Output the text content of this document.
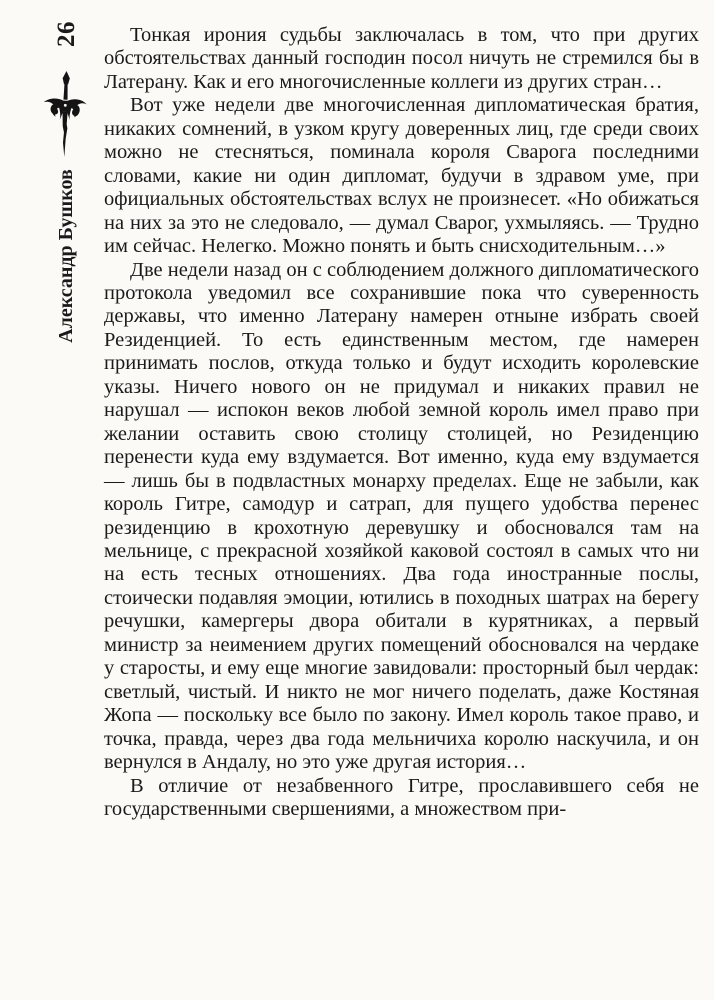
26
Александр Бушков

Тонкая ирония судьбы заключалась в том, что при других обстоятельствах данный господин посол ничуть не стремился бы в Латерану. Как и его многочисленные коллеги из других стран…

Вот уже недели две многочисленная дипломатическая братия, никаких сомнений, в узком кругу доверенных лиц, где среди своих можно не стесняться, поминала короля Сварога последними словами, какие ни один дипломат, будучи в здравом уме, при официальных обстоятельствах вслух не произнесет. «Но обижаться на них за это не следовало, — думал Сварог, ухмыляясь. — Трудно им сейчас. Нелегко. Можно понять и быть снисходительным…»

Две недели назад он с соблюдением должного дипломатического протокола уведомил все сохранившие пока что суверенность державы, что именно Латерану намерен отныне избрать своей Резиденцией. То есть единственным местом, где намерен принимать послов, откуда только и будут исходить королевские указы. Ничего нового он не придумал и никаких правил не нарушал — испокон веков любой земной король имел право при желании оставить свою столицу столицей, но Резиденцию перенести куда ему вздумается. Вот именно, куда ему вздумается — лишь бы в подвластных монарху пределах. Еще не забыли, как король Гитре, самодур и сатрап, для пущего удобства перенес резиденцию в крохотную деревушку и обосновался там на мельнице, с прекрасной хозяйкой каковой состоял в самых что ни на есть тесных отношениях. Два года иностранные послы, стоически подавляя эмоции, ютились в походных шатрах на берегу речушки, камергеры двора обитали в курятниках, а первый министр за неимением других помещений обосновался на чердаке у старосты, и ему еще многие завидовали: просторный был чердак: светлый, чистый. И никто не мог ничего поделать, даже Костяная Жопа — поскольку все было по закону. Имел король такое право, и точка, правда, через два года мельничиха королю наскучила, и он вернулся в Андалу, но это уже другая история…

В отличие от незабвенного Гитре, прославившего себя не государственными свершениями, а множеством при-
